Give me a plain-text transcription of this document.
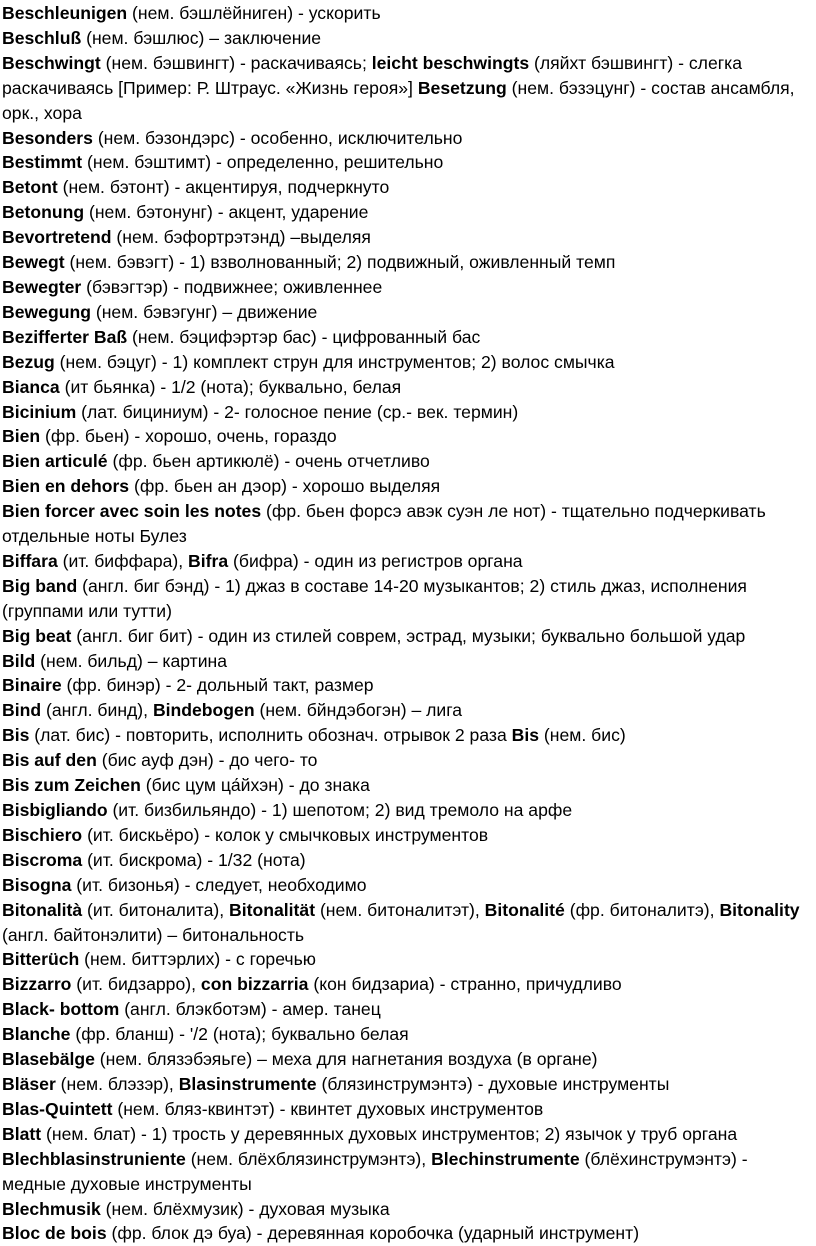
Beschleunigen (нем. бэшлёйниген) - ускорить

Beschluß (нем. бэшлюс) – заключение

Beschwingt (нем. бэшвингт) - раскачиваясь; leicht beschwingts (ляйхт бэшвингт) - слегка раскачиваясь [Пример: Р. Штраус. «Жизнь героя»] Besetzung (нем. бэзэцунг) - состав ансамбля, орк., хора

Besonders (нем. бэзондэрс) - особенно, исключительно

Bestimmt (нем. бэштимт) - определенно, решительно

Betont (нем. бэтонт) - акцентируя, подчеркнуто

Betonung (нем. бэтонунг) - акцент, ударение

Bevortretend (нем. бэфортрэтэнд) –выделяя

Bewegt (нем. бэвэгт) - 1) взволнованный; 2) подвижный, оживленный темп

Bewegter (бэвэгтэр) - подвижнее; оживленнее

Bewegung (нем. бэвэгунг) – движение

Bezifferter Baß (нем. бэцифэртэр бас) - цифрованный бас

Bezug (нем. бэцуг) - 1) комплект струн для инструментов; 2) волос смычка

Bianca (ит бьянка) - 1/2 (нота); буквально, белая

Bicinium (лат. бициниум) - 2- голосное пение (ср.- век. термин)

Bien (фр. бьен) - хорошо, очень, гораздо

Bien articulé (фр. бьен артикюлё) - очень отчетливо

Bien en dehors (фр. бьен ан дэор) - хорошо выделяя

Bien forcer avec soin les notes (фр. бьен форсэ авэк суэн ле нот) - тщательно подчеркивать отдельные ноты Булез

Biffara (ит. биффара), Bifra (бифра) - один из регистров органа

Big band (англ. биг бэнд) - 1) джаз в составе 14-20 музыкантов; 2) стиль джаз, исполнения (группами или тутти)

Big beat (англ. биг бит) - один из стилей соврем, эстрад, музыки; буквально большой удар

Bild (нем. бильд) – картина

Binaire (фр. бинэр) - 2- дольный такт, размер

Bind (англ. бинд), Bindebogen (нем. бйндэбогэн) – лига

Bis (лат. бис) - повторить, исполнить обознач. отрывок 2 раза Bis (нем. бис)

Bis auf den (бис ауф дэн) - до чего- то

Bis zum Zeichen (бис цум ца́йхэн) - до знака

Bisbigliando (ит. бизбильяндо) - 1) шепотом; 2) вид тремоло на арфе

Bischiero (ит. бискьёро) - колок у смычковых инструментов

Biscroma (ит. бискрома) - 1/32 (нота)

Bisogna (ит. бизонья) - следует, необходимо

Bitonalità (ит. битоналита), Bitonalität (нем. битоналитэт), Bitonalité (фр. битоналитэ), Bitonality (англ. байтонэлити) – битональность

Bitterüch (нем. биттэрлих) - с горечью

Bizzarro (ит. бидзарро), con bizzarria (кон бидзариа) - странно, причудливо

Black- bottom (англ. блэкботэм) - амер. танец

Blanche (фр. бланш) - '/2 (нота); буквально белая

Blasebälge (нем. блязэбэяьге) – меха для нагнетания воздуха (в органе)

Bläser (нем. блэзэр), Blasinstrumente (блязинструмэнтэ) - духовые инструменты

Blas-Quintett (нем. бляз-квинтэт) - квинтет духовых инструментов

Blatt (нем. блат) - 1) трость у деревянных духовых инструментов; 2) язычок у труб органа

Blechblasinstruniente (нем. блёхблязинструмэнтэ), Blechinstrumente (блёхинструмэнтэ) - медные духовые инструменты

Blechmusik (нем. блёхмузик) - духовая музыка

Bloc de bois (фр. блок дэ буа) - деревянная коробочка (ударный инструмент)
